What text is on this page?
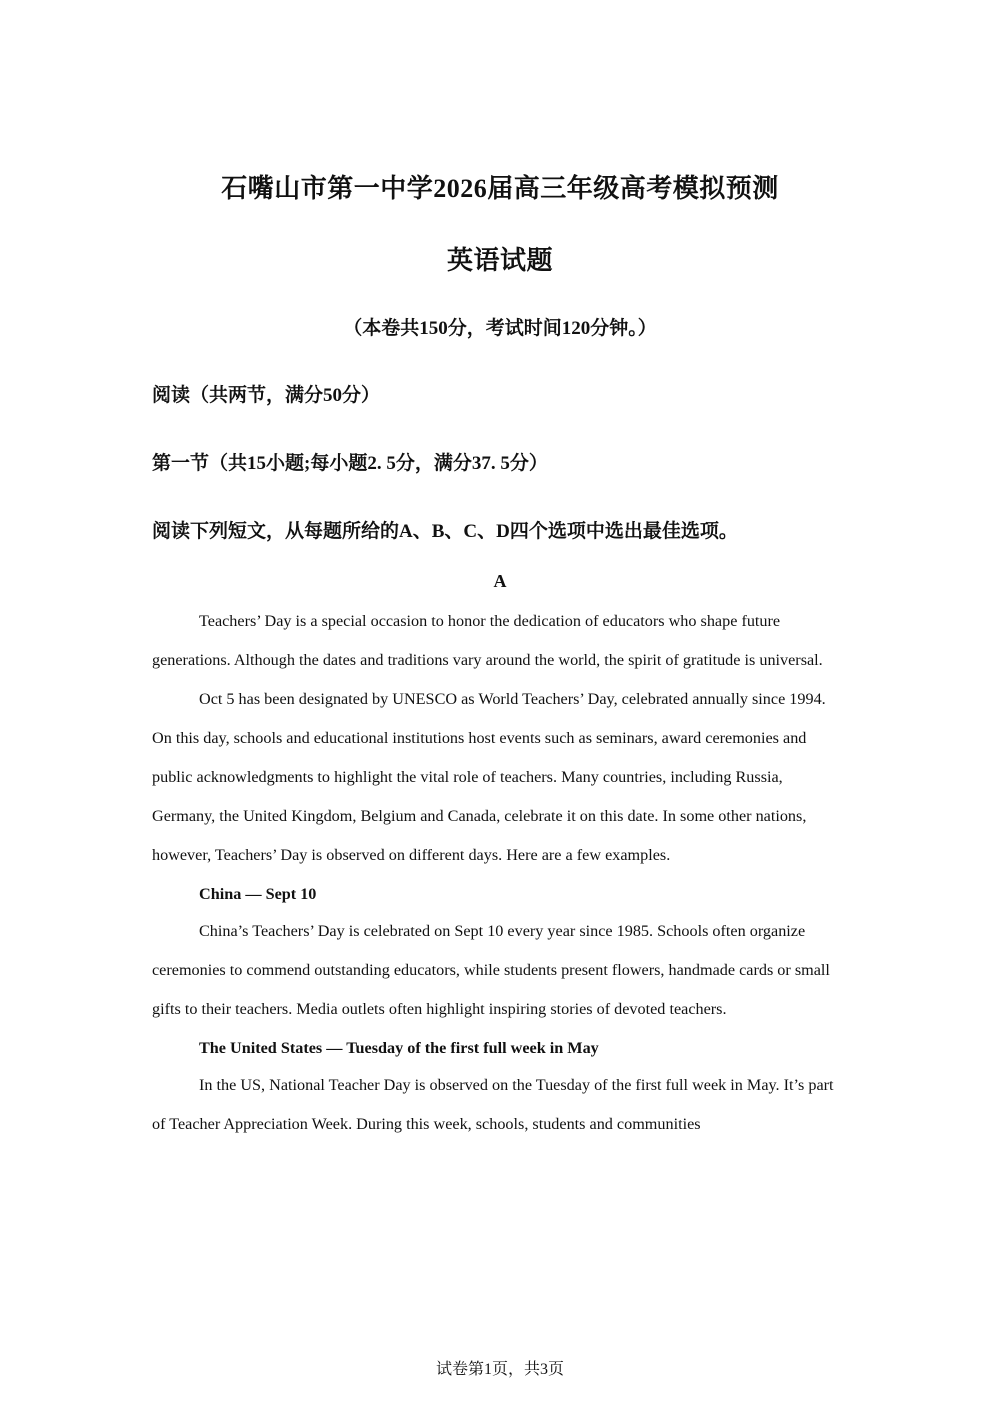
石嘴山市第一中学2026届高三年级高考模拟预测
英语试题

（本卷共150分，考试时间120分钟。）

阅读（共两节，满分50分）

第一节（共15小题;每小题2. 5分，满分37. 5分）

阅读下列短文，从每题所给的A、B、C、D四个选项中选出最佳选项。

A

Teachers’ Day is a special occasion to honor the dedication of educators who shape future generations. Although the dates and traditions vary around the world, the spirit of gratitude is universal.

Oct 5 has been designated by UNESCO as World Teachers’ Day, celebrated annually since 1994. On this day, schools and educational institutions host events such as seminars, award ceremonies and public acknowledgments to highlight the vital role of teachers. Many countries, including Russia, Germany, the United Kingdom, Belgium and Canada, celebrate it on this date. In some other nations, however, Teachers’ Day is observed on different days. Here are a few examples.

China — Sept 10

China’s Teachers’ Day is celebrated on Sept 10 every year since 1985. Schools often organize ceremonies to commend outstanding educators, while students present flowers, handmade cards or small gifts to their teachers. Media outlets often highlight inspiring stories of devoted teachers.

The United States — Tuesday of the first full week in May

In the US, National Teacher Day is observed on the Tuesday of the first full week in May. It’s part of Teacher Appreciation Week. During this week, schools, students and communities

试卷第1页，共3页
